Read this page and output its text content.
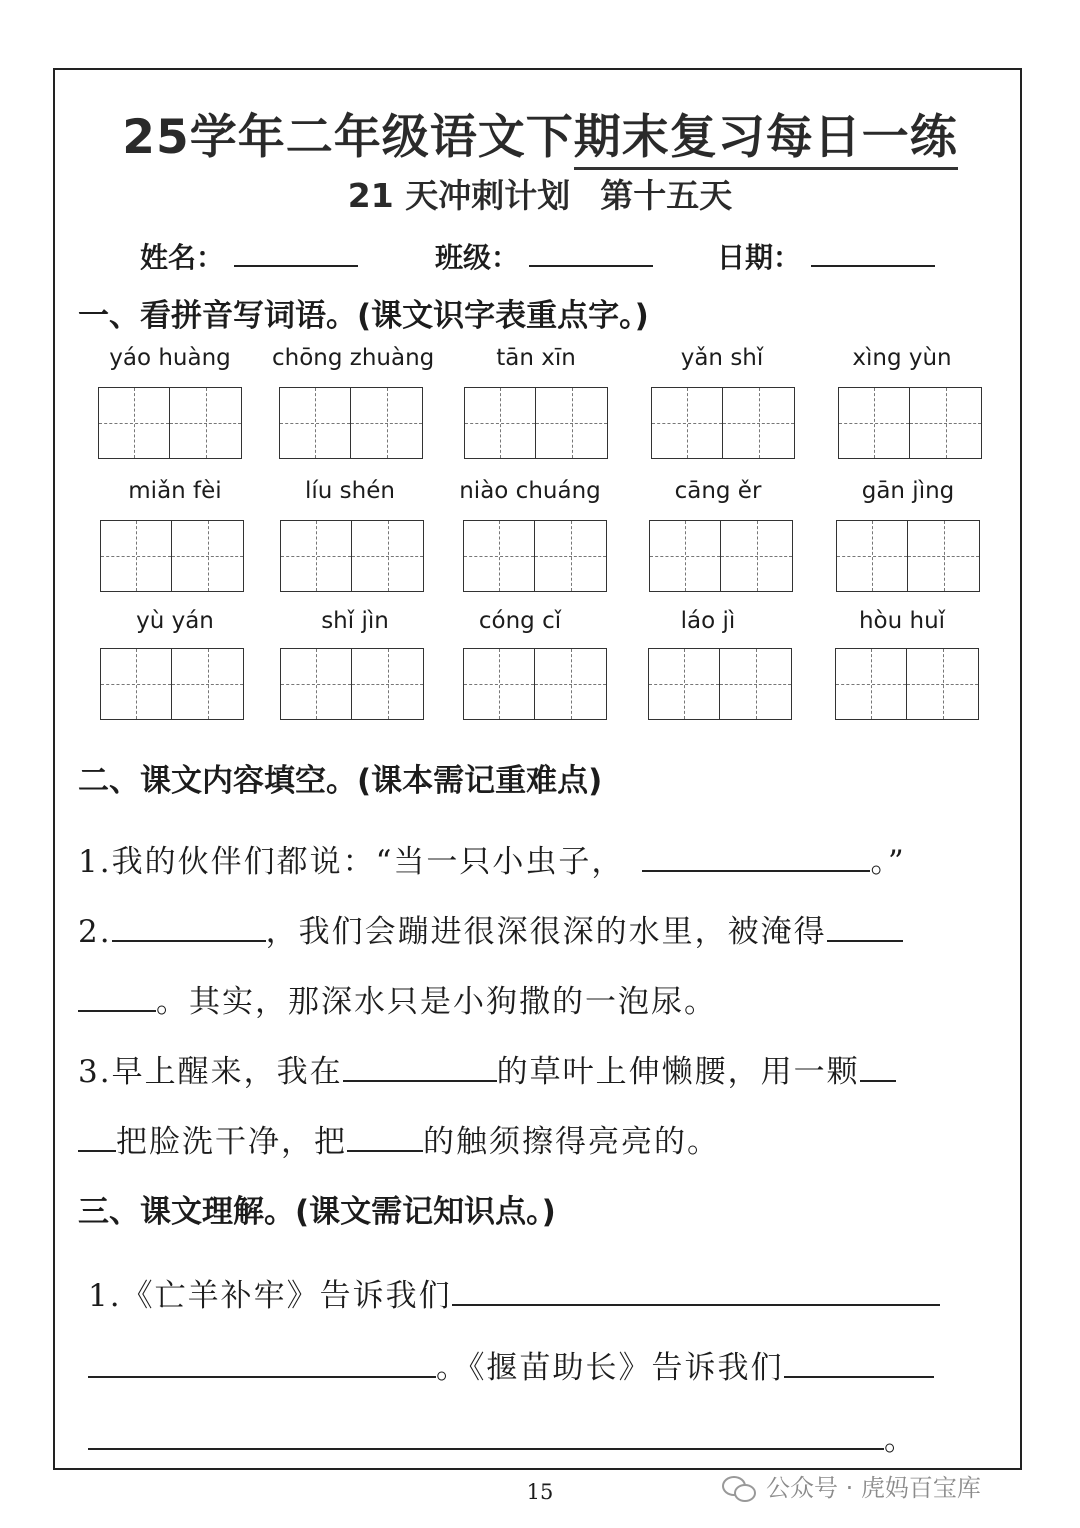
25学年二年级语文下期末复习每日一练
21 天冲刺计划 第十五天
姓名：	班级：	日期：
一、看拼音写词语。(课文识字表重点字。)
yáo huàng	chōng zhuàng	tān xīn	yǎn shǐ	xìng yùn
miǎn fèi	líu shén	niào chuáng	cāng ěr	gān jìng
yù yán	shǐ jìn	cóng cǐ	láo jì	hòu huǐ
二、课文内容填空。(课本需记重难点)
1.我的伙伴们都说：“当一只小虫子，	。”
2.	，我们会蹦进很深很深的水里，被淹得
。其实，那深水只是小狗撒的一泡尿。
3.早上醒来，我在	的草叶上伸懒腰，用一颗
把脸洗干净，把 的触须擦得亮亮的。
三、课文理解。(课文需记知识点。)
1.《亡羊补牢》告诉我们
。《揠苗助长》告诉我们
。
15	公众号 · 虎妈百宝库
